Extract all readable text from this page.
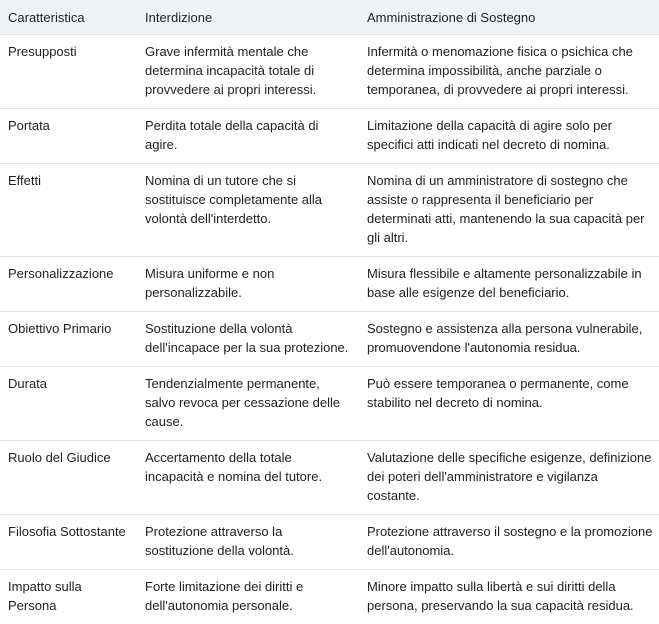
Caratteristica	Interdizione	Amministrazione di Sostegno
Presupposti	Grave infermità mentale che determina incapacità totale di provvedere ai propri interessi.	Infermità o menomazione fisica o psichica che determina impossibilità, anche parziale o temporanea, di provvedere ai propri interessi.
Portata	Perdita totale della capacità di agire.	Limitazione della capacità di agire solo per specifici atti indicati nel decreto di nomina.
Effetti	Nomina di un tutore che si sostituisce completamente alla volontà dell'interdetto.	Nomina di un amministratore di sostegno che assiste o rappresenta il beneficiario per determinati atti, mantenendo la sua capacità per gli altri.
Personalizzazione	Misura uniforme e non personalizzabile.	Misura flessibile e altamente personalizzabile in base alle esigenze del beneficiario.
Obiettivo Primario	Sostituzione della volontà dell'incapace per la sua protezione.	Sostegno e assistenza alla persona vulnerabile, promuovendone l'autonomia residua.
Durata	Tendenzialmente permanente, salvo revoca per cessazione delle cause.	Può essere temporanea o permanente, come stabilito nel decreto di nomina.
Ruolo del Giudice	Accertamento della totale incapacità e nomina del tutore.	Valutazione delle specifiche esigenze, definizione dei poteri dell'amministratore e vigilanza costante.
Filosofia Sottostante	Protezione attraverso la sostituzione della volontà.	Protezione attraverso il sostegno e la promozione dell'autonomia.
Impatto sulla Persona	Forte limitazione dei diritti e dell'autonomia personale.	Minore impatto sulla libertà e sui diritti della persona, preservando la sua capacità residua.
